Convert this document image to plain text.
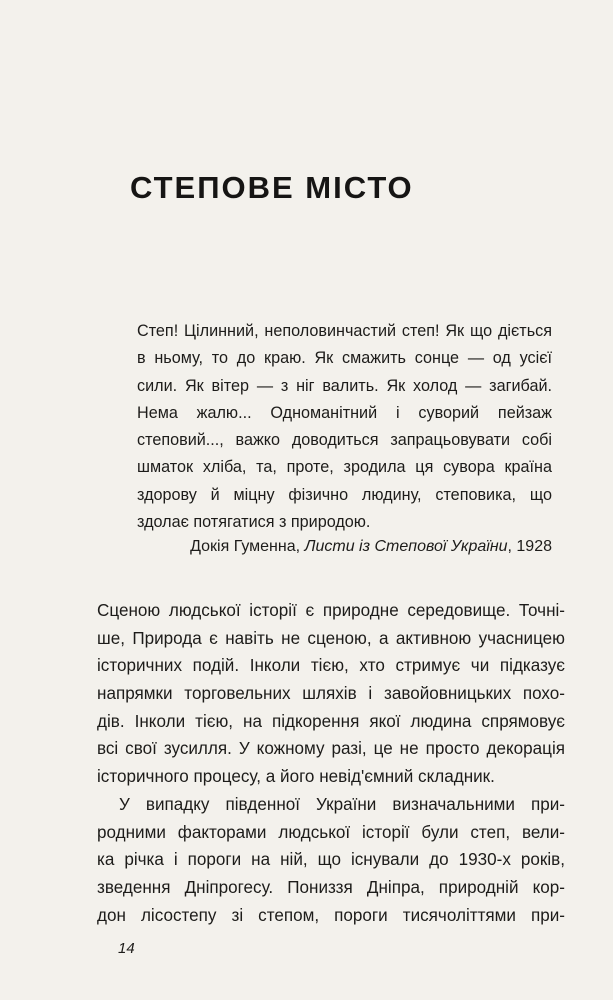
СТЕПОВЕ МІСТО

Степ! Цілинний, неполовинчастий степ! Як що діється в ньому, то до краю. Як смажить сонце — од усієї сили. Як вітер — з ніг валить. Як холод — загибай. Нема жалю... Одноманітний і суворий пейзаж степовий..., важко доводиться запрацьовувати собі шматок хліба, та, проте, зродила ця сувора країна здорову й міцну фізично людину, степовика, що здолає потягатися з природою.

Докія Гуменна, Листи із Степової України, 1928
Сценою людської історії є природне середовище. Точні-
ше, Природа є навіть не сценою, а активною учасницею
історичних подій. Інколи тією, хто стримує чи підказує
напрямки торговельних шляхів і завойовницьких похо-
дів. Інколи тією, на підкорення якої людина спрямовує
всі свої зусилля. У кожному разі, це не просто декорація
історичного процесу, а його невід'ємний складник.
У випадку південної України визначальними при-
родними факторами людської історії були степ, вели-
ка річка і пороги на ній, що існували до 1930-х років,
зведення Дніпрогесу. Пониззя Дніпра, природній кор-
дон лісостепу зі степом, пороги тисячоліттями при-
14
